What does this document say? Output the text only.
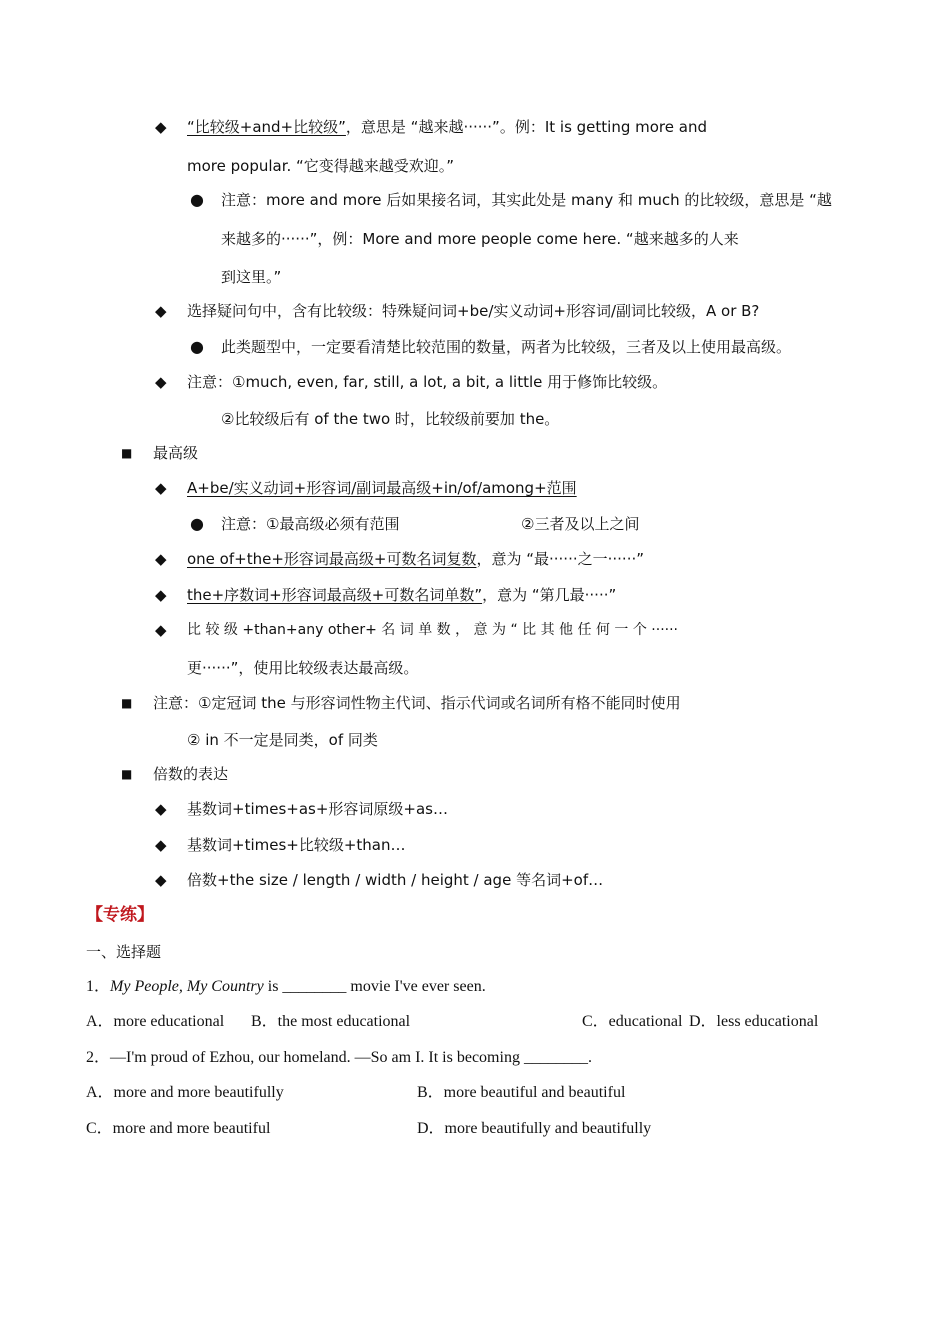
◆ “比较级+and+比较级”，意思是 “越来越······”。例：It is getting more and
more popular. “它变得越来越受欢迎。”
● 注意：more and more 后如果接名词，其实此处是 many 和 much 的比较级，意思是 “越
来越多的······”，例：More and more people come here. “越来越多的人来
到这里。”
◆ 选择疑问句中，含有比较级：特殊疑问词+be/实义动词+形容词/副词比较级，A or B?
● 此类题型中，一定要看清楚比较范围的数量，两者为比较级，三者及以上使用最高级。
◆ 注意：①much, even, far, still, a lot, a bit, a little 用于修饰比较级。
②比较级后有 of the two 时，比较级前要加 the。
■ 最高级
◆ A+be/实义动词+形容词/副词最高级+in/of/among+范围
● 注意：①最高级必须有范围	②三者及以上之间
◆ one of+the+形容词最高级+可数名词复数，意为 “最······之一······”
◆ the+序数词+形容词最高级+可数名词单数”，意为 “第几最·····”
◆ 比 较 级 +than+any other+ 名 词 单 数 ， 意 为 “ 比 其 他 任 何 一 个 ······
更······”，使用比较级表达最高级。
■ 注意：①定冠词 the 与形容词性物主代词、指示代词或名词所有格不能同时使用
② in 不一定是同类，of 同类
■ 倍数的表达
◆ 基数词+times+as+形容词原级+as…
◆ 基数词+times+比较级+than…
◆ 倍数+the size / length / width / height / age 等名词+of…
【专练】
一、选择题
1．My People, My Country is ________ movie I've ever seen.
A．more educational B．the most educational	C．educational D．less educational
2．—I'm proud of Ezhou, our homeland. —So am I. It is becoming ________.
A．more and more beautifully	B．more beautiful and beautiful
C．more and more beautiful	D．more beautifully and beautifully
